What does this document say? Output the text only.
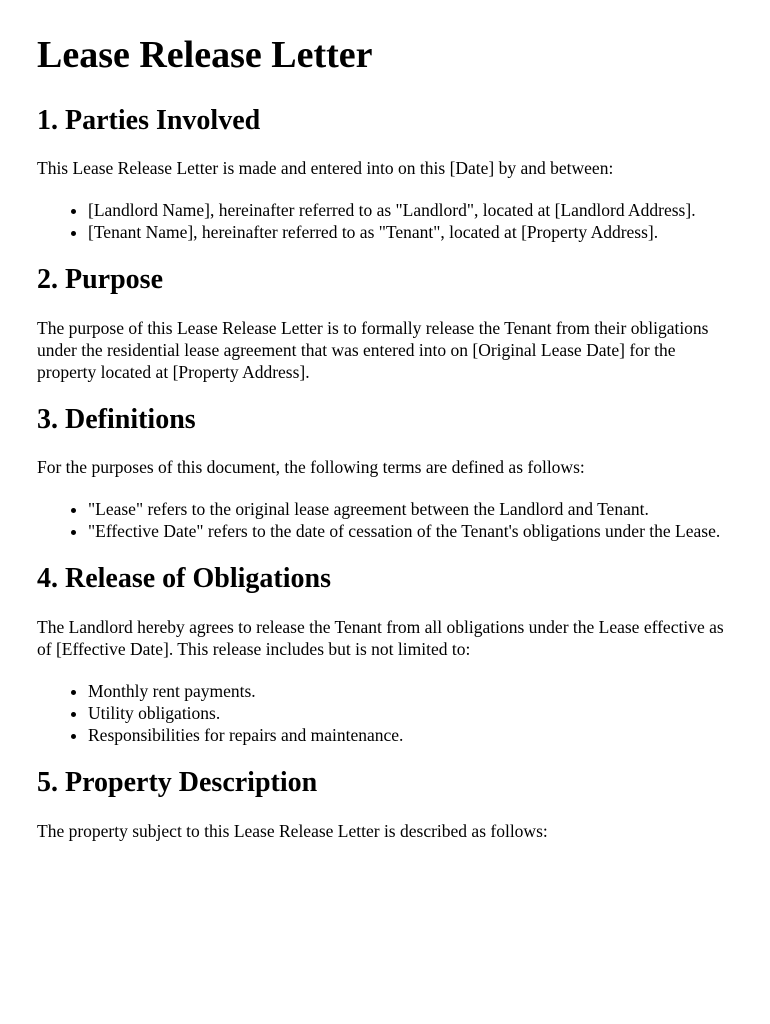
Lease Release Letter
1. Parties Involved

This Lease Release Letter is made and entered into on this [Date] by and between:

• [Landlord Name], hereinafter referred to as "Landlord", located at [Landlord Address].
• [Tenant Name], hereinafter referred to as "Tenant", located at [Property Address].
2. Purpose

The purpose of this Lease Release Letter is to formally release the Tenant from their obligations under the residential lease agreement that was entered into on [Original Lease Date] for the property located at [Property Address].

3. Definitions

For the purposes of this document, the following terms are defined as follows:

• "Lease" refers to the original lease agreement between the Landlord and Tenant.
• "Effective Date" refers to the date of cessation of the Tenant's obligations under the Lease.
4. Release of Obligations

The Landlord hereby agrees to release the Tenant from all obligations under the Lease effective as of [Effective Date]. This release includes but is not limited to:

• Monthly rent payments.
• Utility obligations.
• Responsibilities for repairs and maintenance.
5. Property Description

The property subject to this Lease Release Letter is described as follows:
